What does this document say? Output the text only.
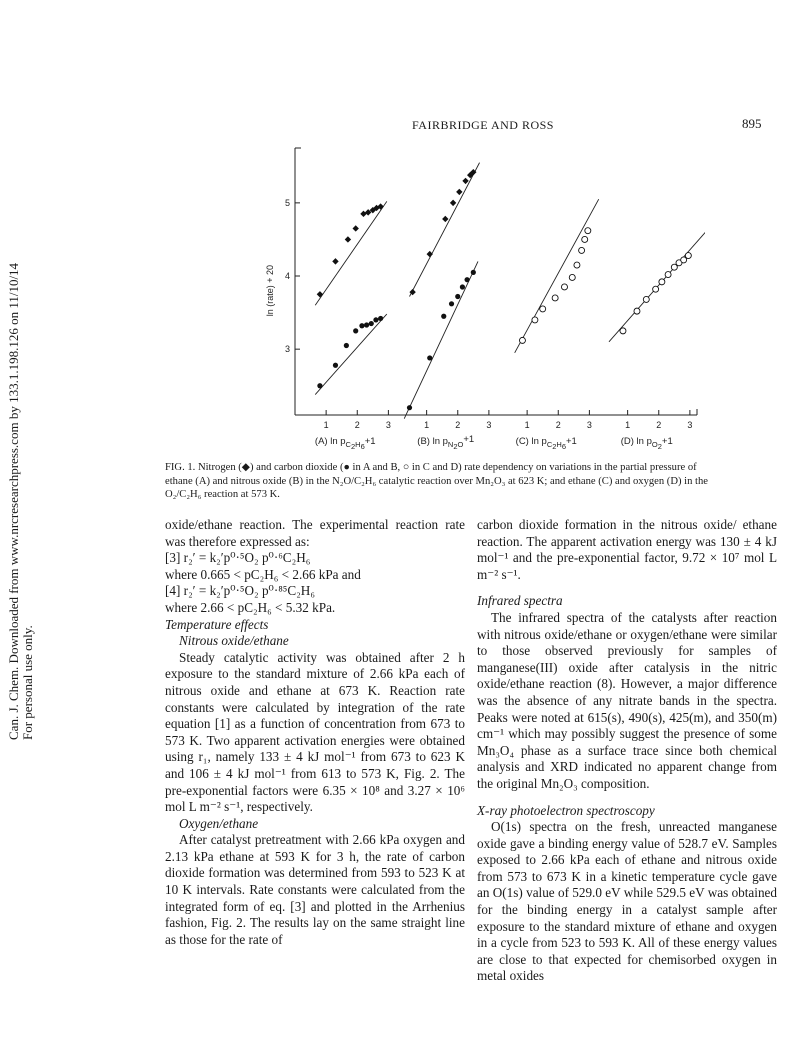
Can. J. Chem. Downloaded from www.nrcresearchpress.com by 133.1.198.126 on 11/10/14 For personal use only.
FAIRBRIDGE AND ROSS	895
3
4
5
ln (rate) + 20
1	2	3
(A) $\ln p_{C2}^H_6+1$
1	2	3
(B) $\ln p_{N2}^O+1$
1	2	3
(C) $\ln p_{C2}^H_6+1$
1	2	3
(D) $\ln p_{O2}+1$
FIG. 1. Nitrogen (◆) and carbon dioxide (● in A and B, ○ in C and D) rate dependency on variations in the partial pressure of
ethane (A) and nitrous oxide (B) in the N₂O/C₂H₆ catalytic reaction over Mn₂O₃ at 623 K; and ethane (C) and oxygen (D) in the
O₂/C₂H₆ reaction at 573 K.

oxide/ethane reaction. The experimental reaction rate was therefore expressed as:

[3] r₂′ = k₂′p⁰·⁵O₂ p⁰·⁶C₂H₆

where 0.665 < pC₂H₆ < 2.66 kPa and

[4] r₂′ = k₂′p⁰·⁵O₂ p⁰·⁸⁵C₂H₆

where 2.66 < pC₂H₆ < 5.32 kPa.

Temperature effects

Nitrous oxide/ethane

Steady catalytic activity was obtained after 2 h exposure to the standard mixture of 2.66 kPa each of nitrous oxide and ethane at 673 K. Reaction rate constants were calculated by integration of the rate equation [1] as a function of concentration from 673 to 573 K. Two apparent activation energies were obtained using r₁, namely 133 ± 4 kJ mol⁻¹ from 673 to 623 K and 106 ± 4 kJ mol⁻¹ from 613 to 573 K, Fig. 2. The pre-exponential factors were 6.35 × 10⁸ and 3.27 × 10⁶ mol L m⁻² s⁻¹, respectively.

Oxygen/ethane

After catalyst pretreatment with 2.66 kPa oxygen and 2.13 kPa ethane at 593 K for 3 h, the rate of carbon dioxide formation was determined from 593 to 523 K at 10 K intervals. Rate constants were calculated from the integrated form of eq. [3] and plotted in the Arrhenius fashion, Fig. 2. The results lay on the same straight line as those for the rate of

carbon dioxide formation in the nitrous oxide/ ethane reaction. The apparent activation energy was 130 ± 4 kJ mol⁻¹ and the pre-exponential factor, 9.72 × 10⁷ mol L m⁻² s⁻¹.

Infrared spectra

The infrared spectra of the catalysts after reaction with nitrous oxide/ethane or oxygen/ethane were similar to those observed previously for samples of manganese(III) oxide after catalysis in the nitric oxide/ethane reaction (8). However, a major difference was the absence of any nitrate bands in the spectra. Peaks were noted at 615(s), 490(s), 425(m), and 350(m) cm⁻¹ which may possibly suggest the presence of some Mn₃O₄ phase as a surface trace since both chemical analysis and XRD indicated no apparent change from the original Mn₂O₃ composition.

X-ray photoelectron spectroscopy

O(1s) spectra on the fresh, unreacted manganese oxide gave a binding energy value of 528.7 eV. Samples exposed to 2.66 kPa each of ethane and nitrous oxide from 573 to 673 K in a kinetic temperature cycle gave an O(1s) value of 529.0 eV while 529.5 eV was obtained for the binding energy in a catalyst sample after exposure to the standard mixture of ethane and oxygen in a cycle from 523 to 593 K. All of these energy values are close to that expected for chemisorbed oxygen in metal oxides
